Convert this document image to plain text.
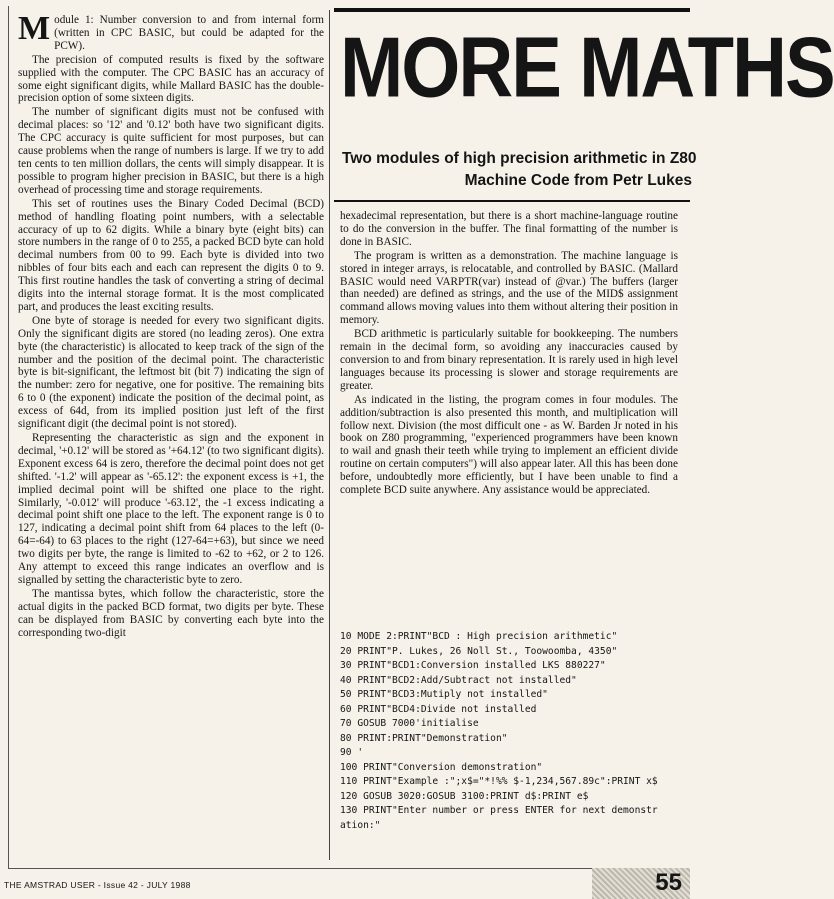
Module 1: Number conversion to and from internal form (written in CPC BASIC, but could be adapted for the PCW).

The precision of computed results is fixed by the software supplied with the computer. The CPC BASIC has an accuracy of some eight significant digits, while Mallard BASIC has the double-precision option of some sixteen digits.

The number of significant digits must not be confused with decimal places: so '12' and '0.12' both have two significant digits. The CPC accuracy is quite sufficient for most purposes, but can cause problems when the range of numbers is large. If we try to add ten cents to ten million dollars, the cents will simply disappear. It is possible to program higher precision in BASIC, but there is a high overhead of processing time and storage requirements.

This set of routines uses the Binary Coded Decimal (BCD) method of handling floating point numbers, with a selectable accuracy of up to 62 digits. While a binary byte (eight bits) can store numbers in the range of 0 to 255, a packed BCD byte can hold decimal numbers from 00 to 99. Each byte is divided into two nibbles of four bits each and each can represent the digits 0 to 9. This first routine handles the task of converting a string of decimal digits into the internal storage format. It is the most complicated part, and produces the least exciting results.

One byte of storage is needed for every two significant digits. Only the significant digits are stored (no leading zeros). One extra byte (the characteristic) is allocated to keep track of the sign of the number and the position of the decimal point. The characteristic byte is bit-significant, the leftmost bit (bit 7) indicating the sign of the number: zero for negative, one for positive. The remaining bits 6 to 0 (the exponent) indicate the position of the decimal point, as excess of 64d, from its implied position just left of the first significant digit (the decimal point is not stored).

Representing the characteristic as sign and the exponent in decimal, '+0.12' will be stored as '+64.12' (to two significant digits). Exponent excess 64 is zero, therefore the decimal point does not get shifted. '-1.2' will appear as '-65.12': the exponent excess is +1, the implied decimal point will be shifted one place to the right. Similarly, '-0.012' will produce '-63.12', the -1 excess indicating a decimal point shift one place to the left. The exponent range is 0 to 127, indicating a decimal point shift from 64 places to the left (0-64=-64) to 63 places to the right (127-64=+63), but since we need two digits per byte, the range is limited to -62 to +62, or 2 to 126. Any attempt to exceed this range indicates an overflow and is signalled by setting the characteristic byte to zero.

The mantissa bytes, which follow the characteristic, store the actual digits in the packed BCD format, two digits per byte. These can be displayed from BASIC by converting each byte into the corresponding two-digit

MORE MATHS
Two modules of high precision arithmetic in Z80
Machine Code from Petr Lukes

hexadecimal representation, but there is a short machine-language routine to do the conversion in the buffer. The final formatting of the number is done in BASIC.

The program is written as a demonstration. The machine language is stored in integer arrays, is relocatable, and controlled by BASIC. (Mallard BASIC would need VARPTR(var) instead of @var.) The buffers (larger than needed) are defined as strings, and the use of the MID$ assignment command allows moving values into them without altering their position in memory.

BCD arithmetic is particularly suitable for bookkeeping. The numbers remain in the decimal form, so avoiding any inaccuracies caused by conversion to and from binary representation. It is rarely used in high level languages because its processing is slower and storage requirements are greater.

As indicated in the listing, the program comes in four modules. The addition/subtraction is also presented this month, and multiplication will follow next. Division (the most difficult one - as W. Barden Jr noted in his book on Z80 programming, "experienced programmers have been known to wail and gnash their teeth while trying to implement an efficient divide routine on certain computers") will also appear later. All this has been done before, undoubtedly more efficiently, but I have been unable to find a complete BCD suite anywhere. Any assistance would be appreciated.

10 MODE 2:PRINT"BCD : High precision arithmetic"
20 PRINT"P. Lukes, 26 Noll St., Toowoomba, 4350"
30 PRINT"BCD1:Conversion installed LKS 880227"
40 PRINT"BCD2:Add/Subtract not installed"
50 PRINT"BCD3:Mutiply not installed"
60 PRINT"BCD4:Divide not installed
70 GOSUB 7000'initialise
80 PRINT:PRINT"Demonstration"
90 '
100 PRINT"Conversion demonstration"
110 PRINT"Example :";x$="*!%% $-1,234,567.89c":PRINT x$
120 GOSUB 3020:GOSUB 3100:PRINT d$:PRINT e$
130 PRINT"Enter number or press ENTER for next demonstr
ation:"
THE AMSTRAD USER - Issue 42 - JULY 1988	55
